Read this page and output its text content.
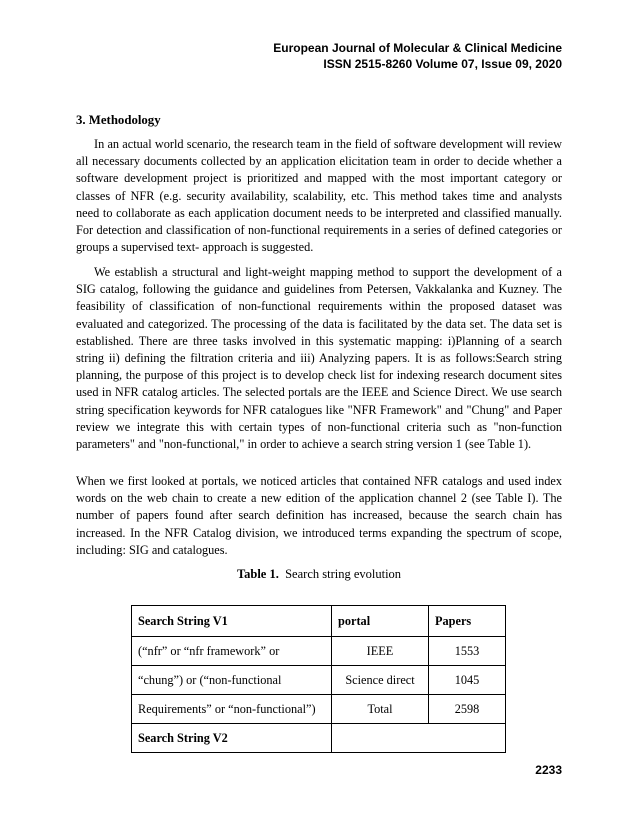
European Journal of Molecular & Clinical Medicine
ISSN 2515-8260 Volume 07, Issue 09, 2020
3. Methodology
In an actual world scenario, the research team in the field of software development will review all necessary documents collected by an application elicitation team in order to decide whether a software development project is prioritized and mapped with the most important category or classes of NFR (e.g. security availability, scalability, etc. This method takes time and analysts need to collaborate as each application document needs to be interpreted and classified manually. For detection and classification of non-functional requirements in a series of defined categories or groups a supervised text- approach is suggested.
We establish a structural and light-weight mapping method to support the development of a SIG catalog, following the guidance and guidelines from Petersen, Vakkalanka and Kuzney. The feasibility of classification of non-functional requirements within the proposed dataset was evaluated and categorized. The processing of the data is facilitated by the data set. The data set is established. There are three tasks involved in this systematic mapping: i)Planning of a search string ii) defining the filtration criteria and iii) Analyzing papers. It is as follows:Search string planning, the purpose of this project is to develop check list for indexing research document sites used in NFR catalog articles. The selected portals are the IEEE and Science Direct. We use search string specification keywords for NFR catalogues like "NFR Framework" and "Chung" and Paper review we integrate this with certain types of non-functional criteria such as "non-function parameters" and "non-functional," in order to achieve a search string version 1 (see Table 1).
When we first looked at portals, we noticed articles that contained NFR catalogs and used index words on the web chain to create a new edition of the application channel 2 (see Table I). The number of papers found after search definition has increased, because the search chain has increased. In the NFR Catalog division, we introduced terms expanding the spectrum of scope, including: SIG and catalogues.
Table 1. Search string evolution
Search String V1	portal	Papers
(“nfr” or “nfr framework” or	IEEE	1553
“chung”) or (“non-functional	Science direct	1045
Requirements” or “non-functional”)	Total	2598
Search String V2		
2233
